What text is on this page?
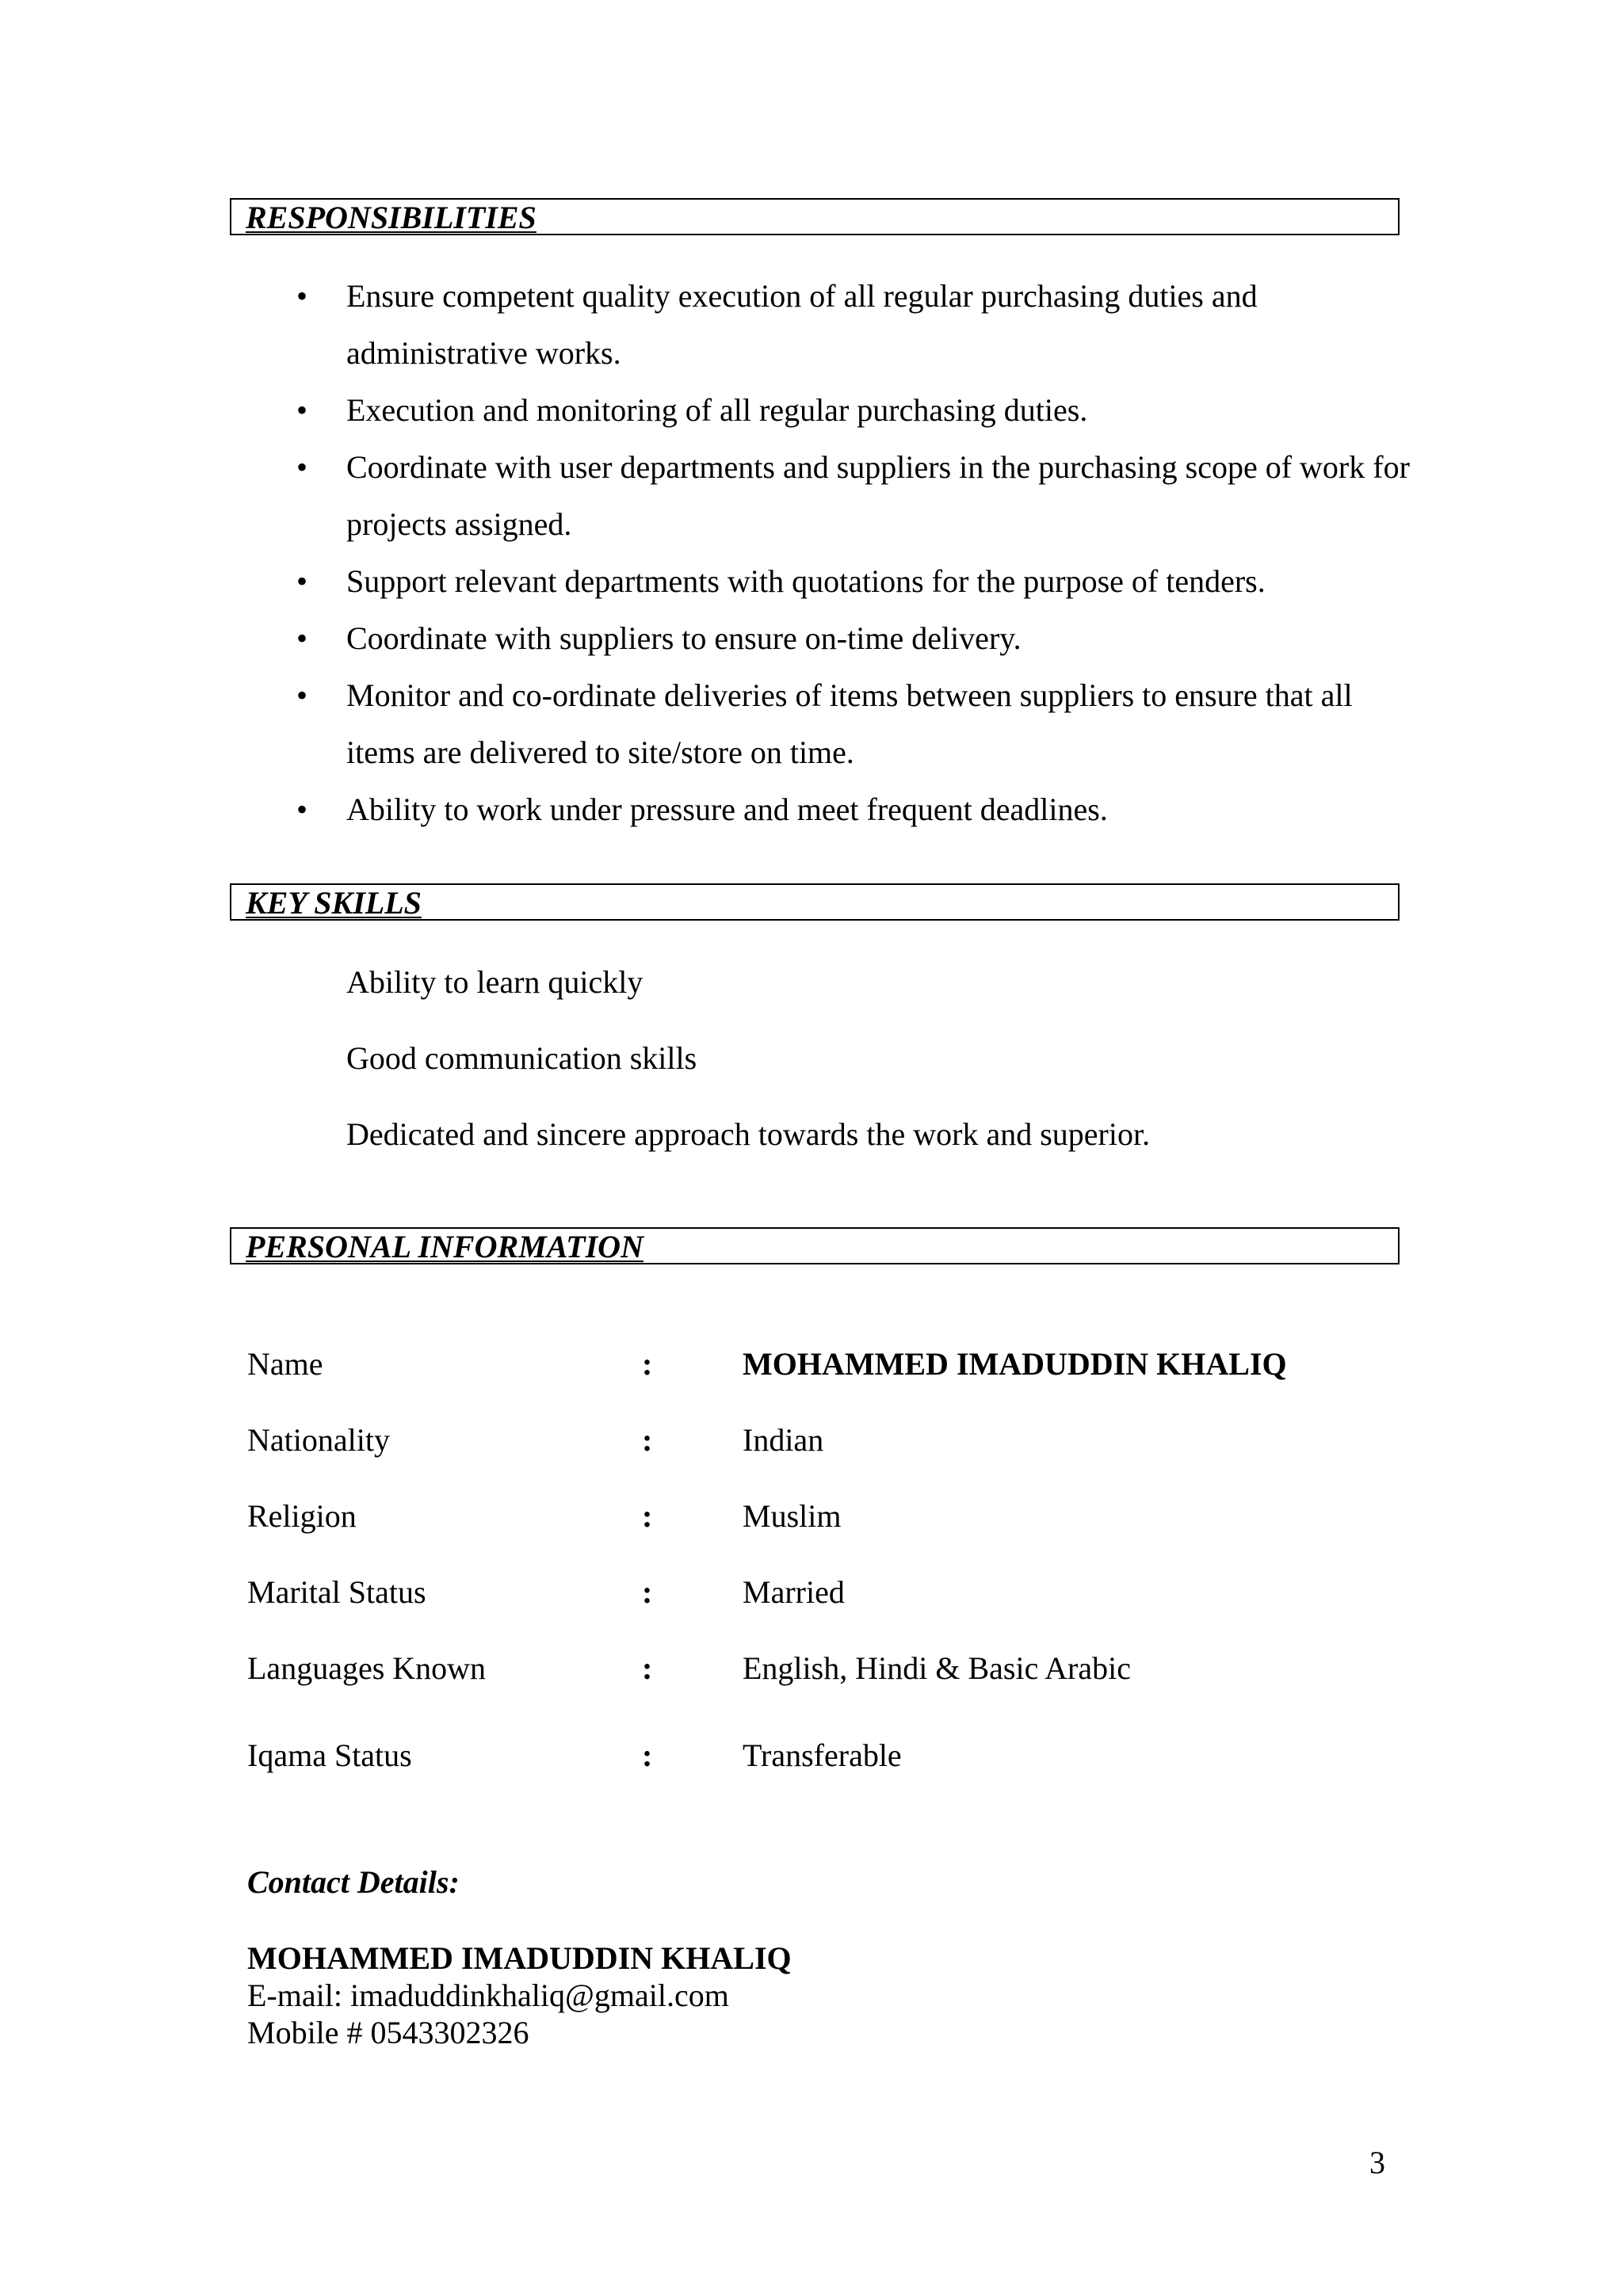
RESPONSIBILITIES
• Ensure competent quality execution of all regular purchasing duties and administrative works.
• Execution and monitoring of all regular purchasing duties.
• Coordinate with user departments and suppliers in the purchasing scope of work for projects assigned.
• Support relevant departments with quotations for the purpose of tenders.
• Coordinate with suppliers to ensure on-time delivery.
• Monitor and co-ordinate deliveries of items between suppliers to ensure that all items are delivered to site/store on time.
• Ability to work under pressure and meet frequent deadlines.
KEY SKILLS
Ability to learn quickly
Good communication skills
Dedicated and sincere approach towards the work and superior.
PERSONAL INFORMATION
Name	:	MOHAMMED IMADUDDIN KHALIQ
Nationality	:	Indian
Religion	:	Muslim
Marital Status	:	Married
Languages Known	:	English, Hindi & Basic Arabic
Iqama Status	:	Transferable
Contact Details:
MOHAMMED IMADUDDIN KHALIQ
E-mail: imaduddinkhaliq@gmail.com
Mobile # 0543302326
3
